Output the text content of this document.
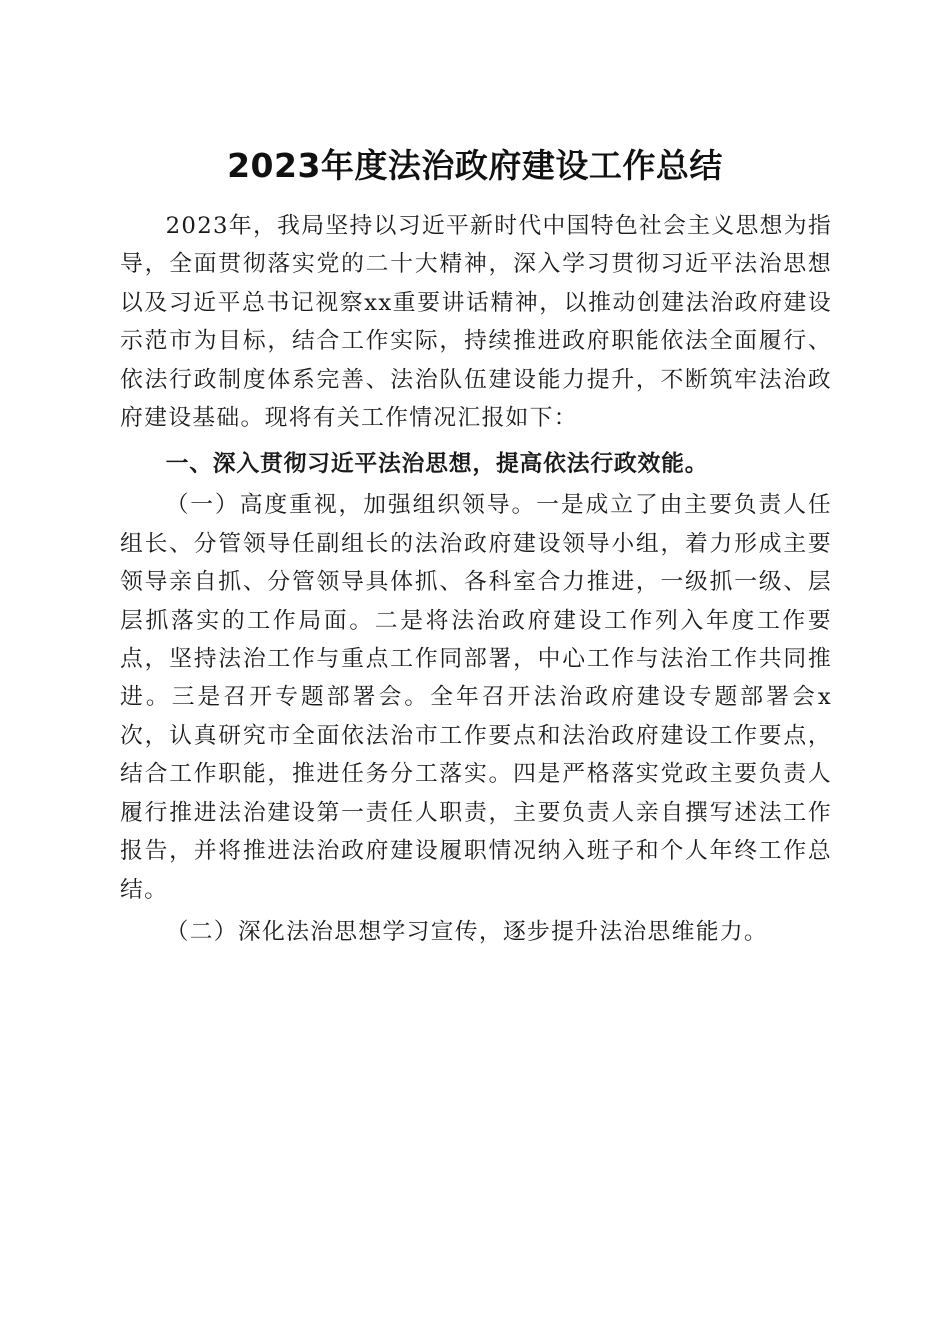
2023年度法治政府建设工作总结

2023年，我局坚持以习近平新时代中国特色社会主义思想为指导，全面贯彻落实党的二十大精神，深入学习贯彻习近平法治思想以及习近平总书记视察xx重要讲话精神，以推动创建法治政府建设示范市为目标，结合工作实际，持续推进政府职能依法全面履行、依法行政制度体系完善、法治队伍建设能力提升，不断筑牢法治政府建设基础。现将有关工作情况汇报如下：

一、深入贯彻习近平法治思想，提高依法行政效能。

（一）高度重视，加强组织领导。一是成立了由主要负责人任组长、分管领导任副组长的法治政府建设领导小组，着力形成主要领导亲自抓、分管领导具体抓、各科室合力推进，一级抓一级、层层抓落实的工作局面。二是将法治政府建设工作列入年度工作要点，坚持法治工作与重点工作同部署，中心工作与法治工作共同推进。三是召开专题部署会。全年召开法治政府建设专题部署会x次，认真研究市全面依法治市工作要点和法治政府建设工作要点，结合工作职能，推进任务分工落实。四是严格落实党政主要负责人履行推进法治建设第一责任人职责，主要负责人亲自撰写述法工作报告，并将推进法治政府建设履职情况纳入班子和个人年终工作总结。

（二）深化法治思想学习宣传，逐步提升法治思维能力。
